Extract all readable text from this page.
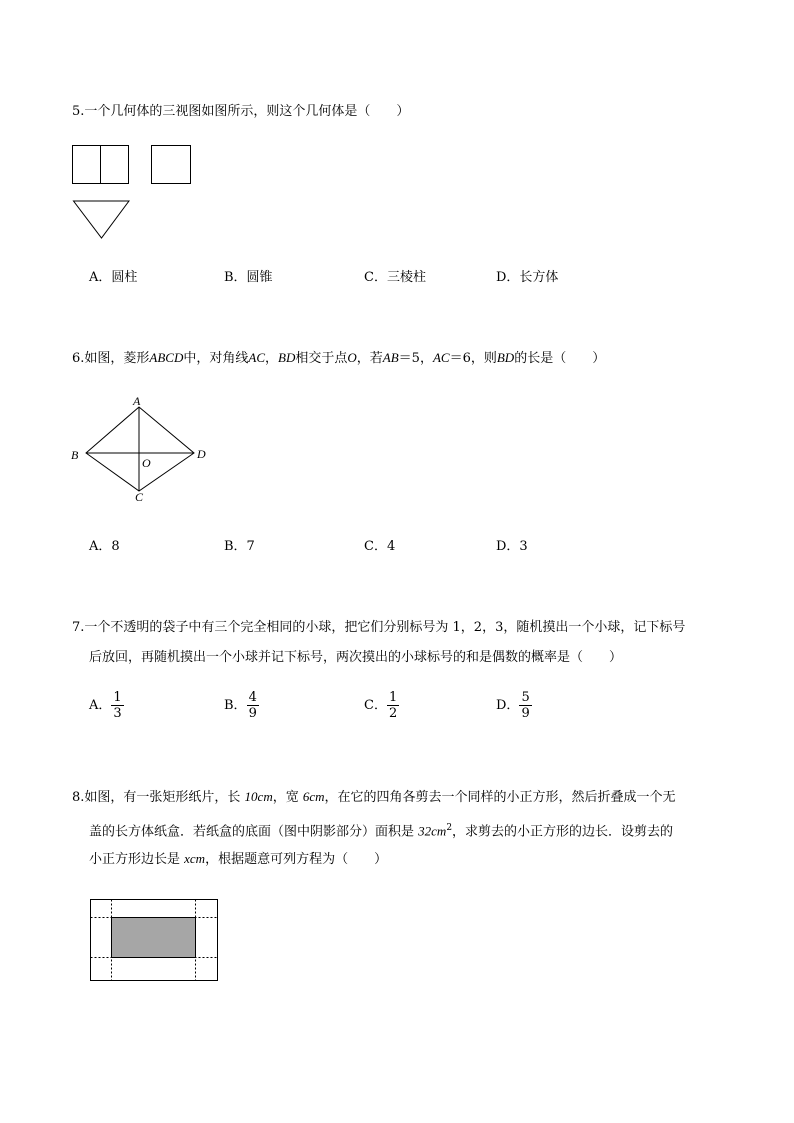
5.一个几何体的三视图如图所示，则这个几何体是（　　）
A．圆柱	B．圆锥	C．三棱柱	D．长方体
6.如图，菱形ABCD中，对角线AC，BD相交于点O，若AB＝5，AC＝6，则BD的长是（　　）
A
B	D
O
C
A．8	B．7	C．4	D．3
7.一个不透明的袋子中有三个完全相同的小球，把它们分别标号为 1，2，3，随机摸出一个小球，记下标号
后放回，再随机摸出一个小球并记下标号，两次摸出的小球标号的和是偶数的概率是（　　）
A． $\frac{1}{3}$	B． $\frac{4}{9}$	C． $\frac{1}{2}$	D． $\frac{5}{9}$
8.如图，有一张矩形纸片，长 10cm，宽 6cm，在它的四角各剪去一个同样的小正方形，然后折叠成一个无
盖的长方体纸盒．若纸盒的底面（图中阴影部分）面积是 $32cm^2$，求剪去的小正方形的边长．设剪去的
小正方形边长是 xcm，根据题意可列方程为（　　）
